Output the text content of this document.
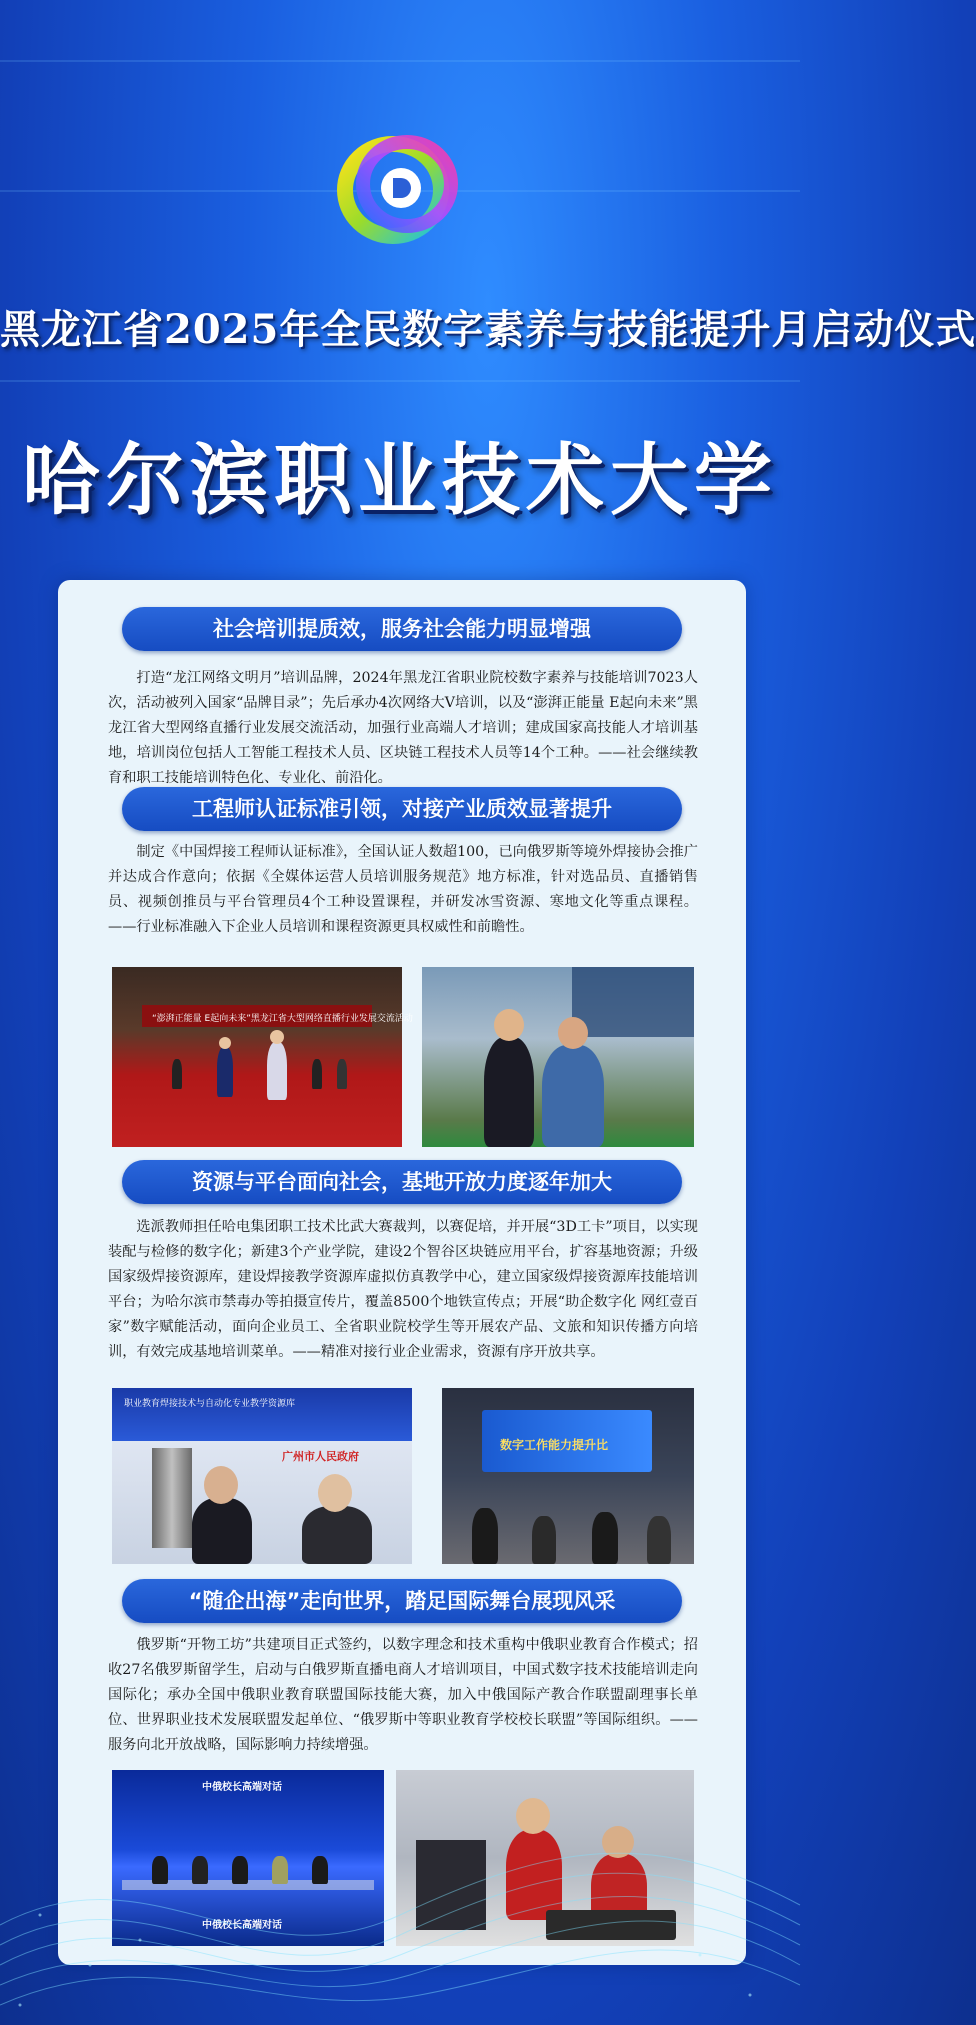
黑龙江省2025年全民数字素养与技能提升月启动仪式
哈尔滨职业技术大学
社会培训提质效，服务社会能力明显增强
打造“龙江网络文明月”培训品牌，2024年黑龙江省职业院校数字素养与技能培训7023人次，活动被列入国家“品牌目录”；先后承办4次网络大V培训，以及“澎湃正能量 E起向未来”黑龙江省大型网络直播行业发展交流活动，加强行业高端人才培训；建成国家高技能人才培训基地，培训岗位包括人工智能工程技术人员、区块链工程技术人员等14个工种。——社会继续教育和职工技能培训特色化、专业化、前沿化。
工程师认证标准引领，对接产业质效显著提升
制定《中国焊接工程师认证标准》，全国认证人数超100，已向俄罗斯等境外焊接协会推广并达成合作意向；依据《全媒体运营人员培训服务规范》地方标准，针对选品员、直播销售员、视频创推员与平台管理员4个工种设置课程，并研发冰雪资源、寒地文化等重点课程。——行业标准融入下企业人员培训和课程资源更具权威性和前瞻性。
“澎湃正能量 E起向未来”黑龙江省大型网络直播行业发展交流活动
资源与平台面向社会，基地开放力度逐年加大
选派教师担任哈电集团职工技术比武大赛裁判，以赛促培，并开展“3D工卡”项目，以实现装配与检修的数字化；新建3个产业学院，建设2个智谷区块链应用平台，扩容基地资源；升级国家级焊接资源库，建设焊接教学资源库虚拟仿真教学中心，建立国家级焊接资源库技能培训平台；为哈尔滨市禁毒办等拍摄宣传片，覆盖8500个地铁宣传点；开展“助企数字化 网红壹百家”数字赋能活动，面向企业员工、全省职业院校学生等开展农产品、文旅和知识传播方向培训，有效完成基地培训菜单。——精准对接行业企业需求，资源有序开放共享。
职业教育焊接技术与自动化专业教学资源库
广州市人民政府
数字工作能力提升比
“随企出海”走向世界，踏足国际舞台展现风采
俄罗斯“开物工坊”共建项目正式签约，以数字理念和技术重构中俄职业教育合作模式；招收27名俄罗斯留学生，启动与白俄罗斯直播电商人才培训项目，中国式数字技术技能培训走向国际化；承办全国中俄职业教育联盟国际技能大赛，加入中俄国际产教合作联盟副理事长单位、世界职业技术发展联盟发起单位、“俄罗斯中等职业教育学校校长联盟”等国际组织。——服务向北开放战略，国际影响力持续增强。
中俄校长高端对话
中俄校长高端对话
